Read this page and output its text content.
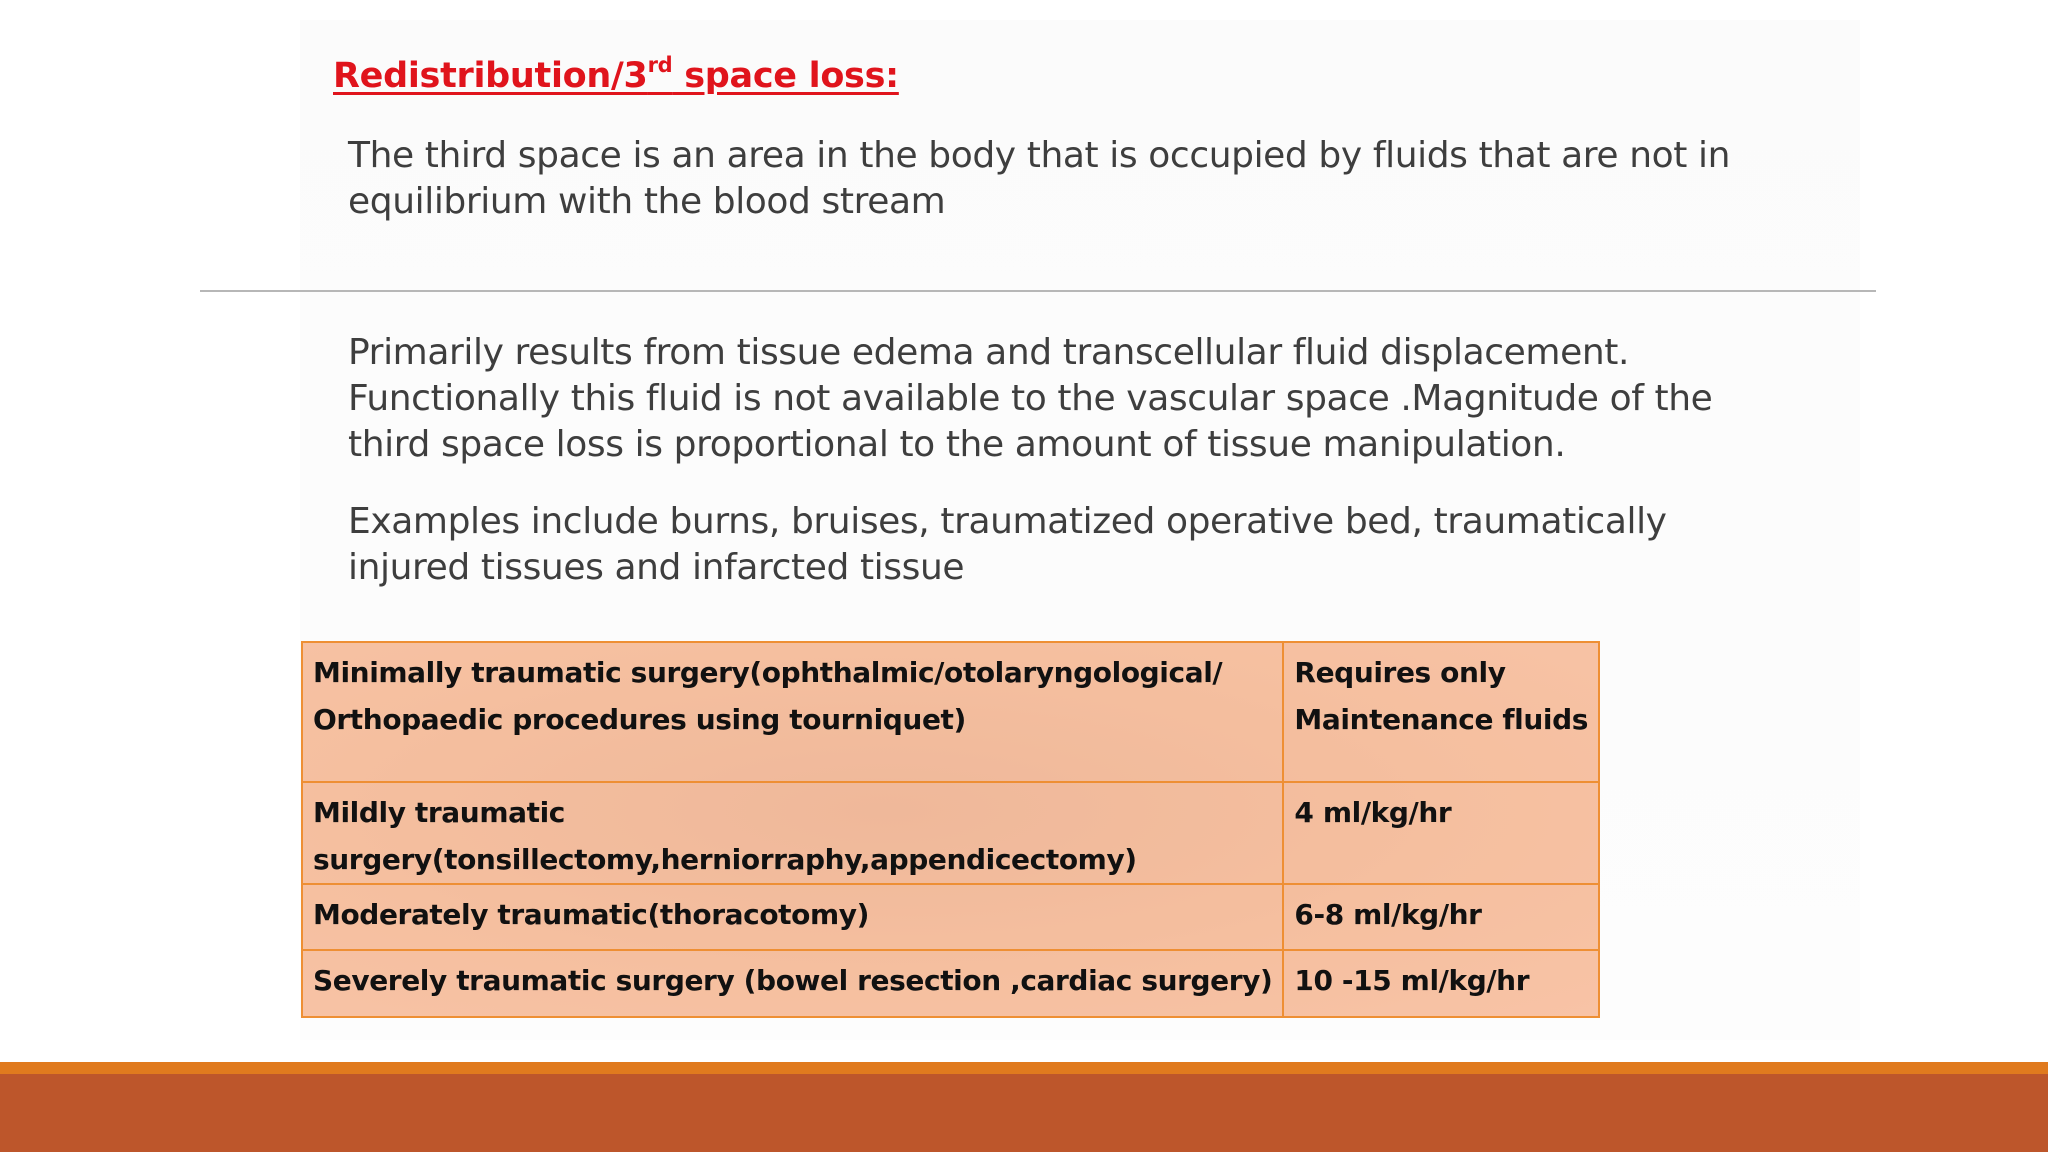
Redistribution/3rd space loss:
The third space is an area in the body that is occupied by fluids that are not in
equilibrium with the blood stream
Primarily results from tissue edema and transcellular fluid displacement.
Functionally this fluid is not available to the vascular space .Magnitude of the
third space loss is proportional to the amount of tissue manipulation.
Examples include burns, bruises, traumatized operative bed, traumatically
injured tissues and infarcted tissue
Minimally traumatic surgery(ophthalmic/otolaryngological/
Orthopaedic procedures using tourniquet)	Requires only
Maintenance fluids

Mildly traumatic
surgery(tonsillectomy,herniorraphy,appendicectomy)	4 ml/kg/hr

Moderately traumatic(thoracotomy)	6-8 ml/kg/hr

Severely traumatic surgery (bowel resection ,cardiac surgery)	10 -15 ml/kg/hr
